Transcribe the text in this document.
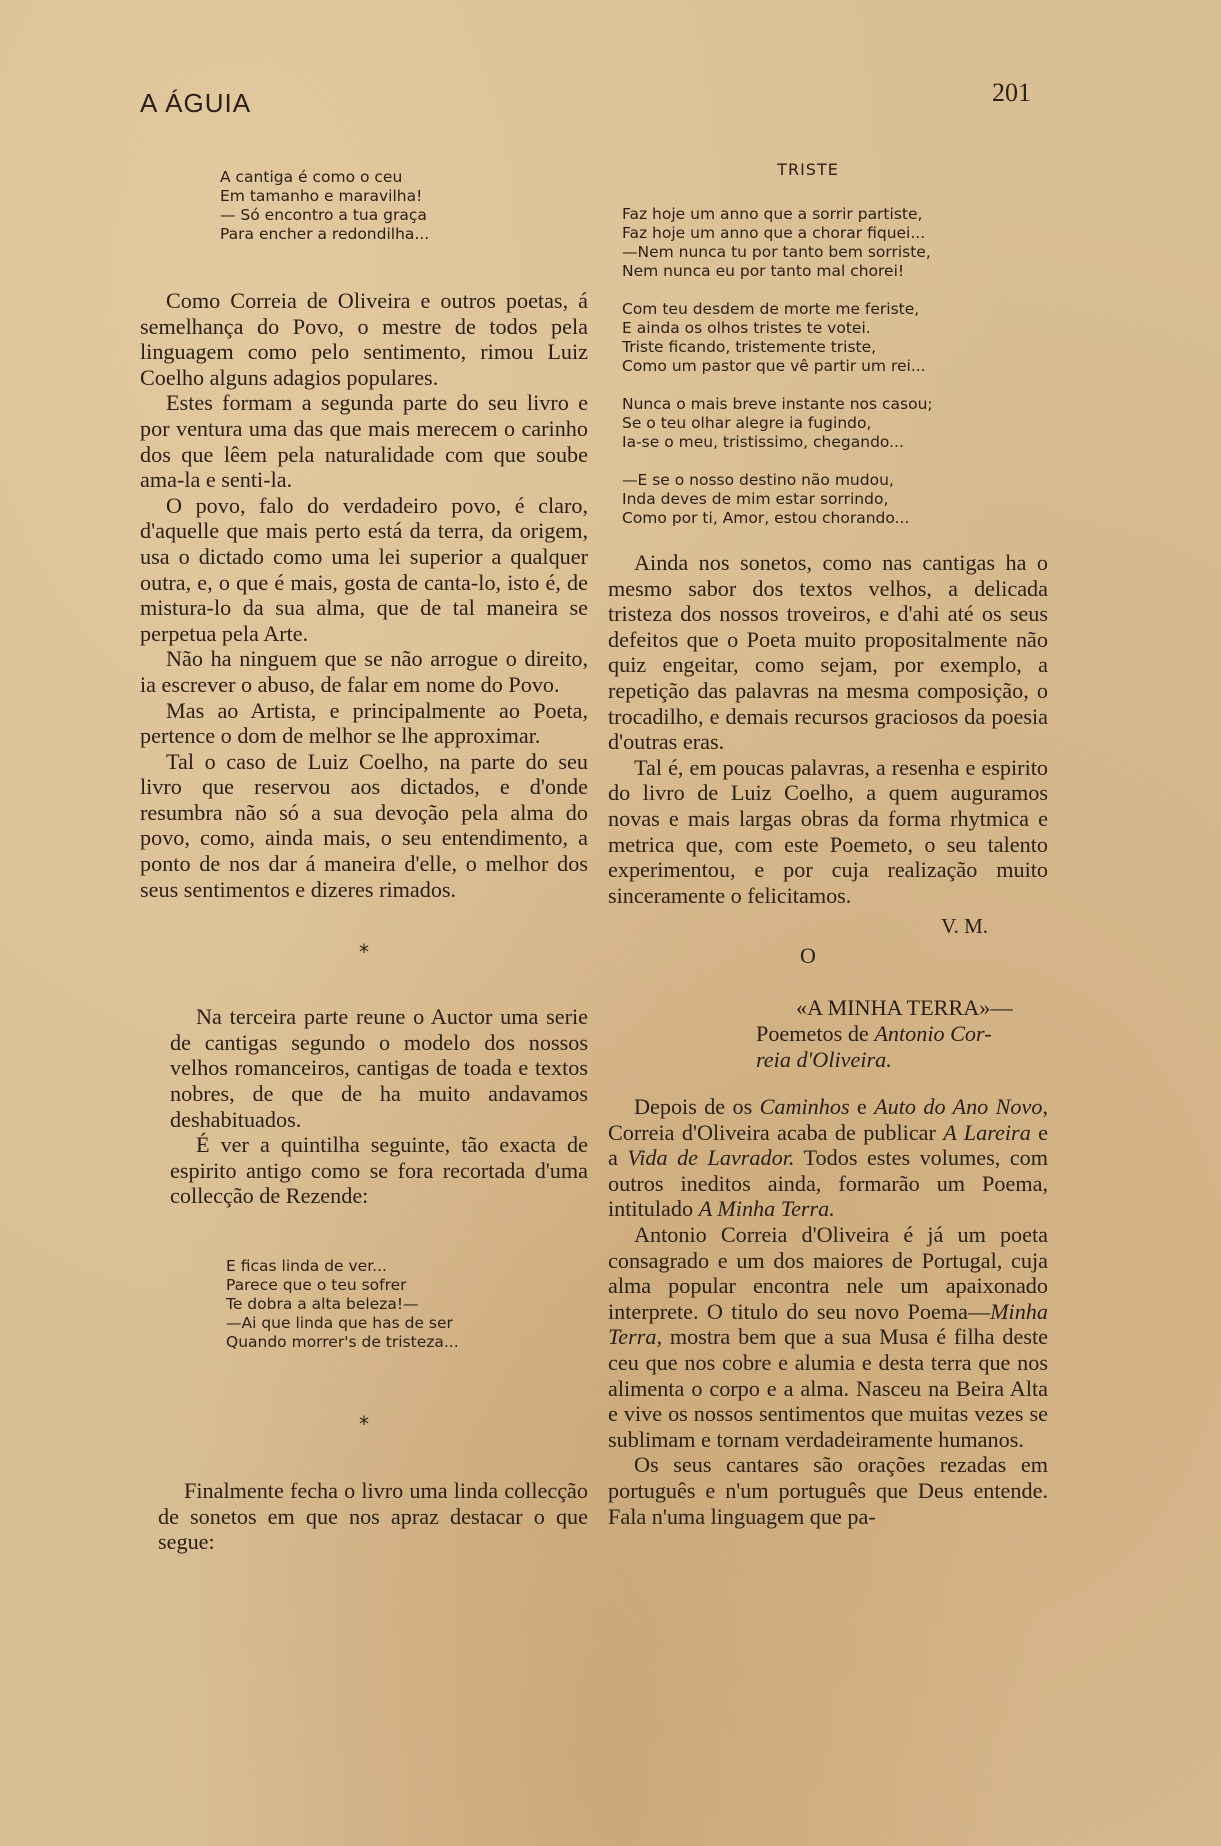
A ÁGUIA	201
A cantiga é como o ceu
Em tamanho e maravilha!
— Só encontro a tua graça
Para encher a redondilha...

Como Correia de Oliveira e outros poetas, á semelhança do Povo, o mestre de todos pela linguagem como pelo sentimento, rimou Luiz Coelho alguns adagios populares.

Estes formam a segunda parte do seu livro e por ventura uma das que mais merecem o carinho dos que lêem pela naturalidade com que soube ama-la e senti-la.

O povo, falo do verdadeiro povo, é claro, d'aquelle que mais perto está da terra, da origem, usa o dictado como uma lei superior a qualquer outra, e, o que é mais, gosta de canta-lo, isto é, de mistura-lo da sua alma, que de tal maneira se perpetua pela Arte.

Não ha ninguem que se não arrogue o direito, ia escrever o abuso, de falar em nome do Povo.

Mas ao Artista, e principalmente ao Poeta, pertence o dom de melhor se lhe approximar.

Tal o caso de Luiz Coelho, na parte do seu livro que reservou aos dictados, e d'onde resumbra não só a sua devoção pela alma do povo, como, ainda mais, o seu entendimento, a ponto de nos dar á maneira d'elle, o melhor dos seus sentimentos e dizeres rimados.

*

Na terceira parte reune o Auctor uma serie de cantigas segundo o modelo dos nossos velhos romanceiros, cantigas de toada e textos nobres, de que de ha muito andavamos deshabituados.

É ver a quintilha seguinte, tão exacta de espirito antigo como se fora recortada d'uma collecção de Rezende:

E ficas linda de ver...
Parece que o teu sofrer
Te dobra a alta beleza!—
—Ai que linda que has de ser
Quando morrer's de tristeza...
*

Finalmente fecha o livro uma linda collecção de sonetos em que nos apraz destacar o que segue:

TRISTE
Faz hoje um anno que a sorrir partiste,
Faz hoje um anno que a chorar fiquei...
—Nem nunca tu por tanto bem sorriste,
Nem nunca eu por tanto mal chorei!
Com teu desdem de morte me feriste,
E ainda os olhos tristes te votei.
Triste ficando, tristemente triste,
Como um pastor que vê partir um rei...
Nunca o mais breve instante nos casou;
Se o teu olhar alegre ia fugindo,
Ia-se o meu, tristissimo, chegando...
—E se o nosso destino não mudou,
Inda deves de mim estar sorrindo,
Como por ti, Amor, estou chorando...

Ainda nos sonetos, como nas cantigas ha o mesmo sabor dos textos velhos, a delicada tristeza dos nossos troveiros, e d'ahi até os seus defeitos que o Poeta muito propositalmente não quiz engeitar, como sejam, por exemplo, a repetição das palavras na mesma composição, o trocadilho, e demais recursos graciosos da poesia d'outras eras.

Tal é, em poucas palavras, a resenha e espirito do livro de Luiz Coelho, a quem auguramos novas e mais largas obras da forma rhytmica e metrica que, com este Poemeto, o seu talento experimentou, e por cuja realização muito sinceramente o felicitamos.

V. M.
O
«A MINHA TERRA»—
Poemetos de Antonio Cor-
reia d'Oliveira.

Depois de os Caminhos e Auto do Ano Novo, Correia d'Oliveira acaba de publicar A Lareira e a Vida de Lavrador. Todos estes volumes, com outros ineditos ainda, formarão um Poema, intitulado A Minha Terra.

Antonio Correia d'Oliveira é já um poeta consagrado e um dos maiores de Portugal, cuja alma popular encontra nele um apaixonado interprete. O titulo do seu novo Poema—Minha Terra, mostra bem que a sua Musa é filha deste ceu que nos cobre e alumia e desta terra que nos alimenta o corpo e a alma. Nasceu na Beira Alta e vive os nossos sentimentos que muitas vezes se sublimam e tornam verdadeiramente humanos.

Os seus cantares são orações rezadas em português e n'um português que Deus entende. Fala n'uma linguagem que pa-
